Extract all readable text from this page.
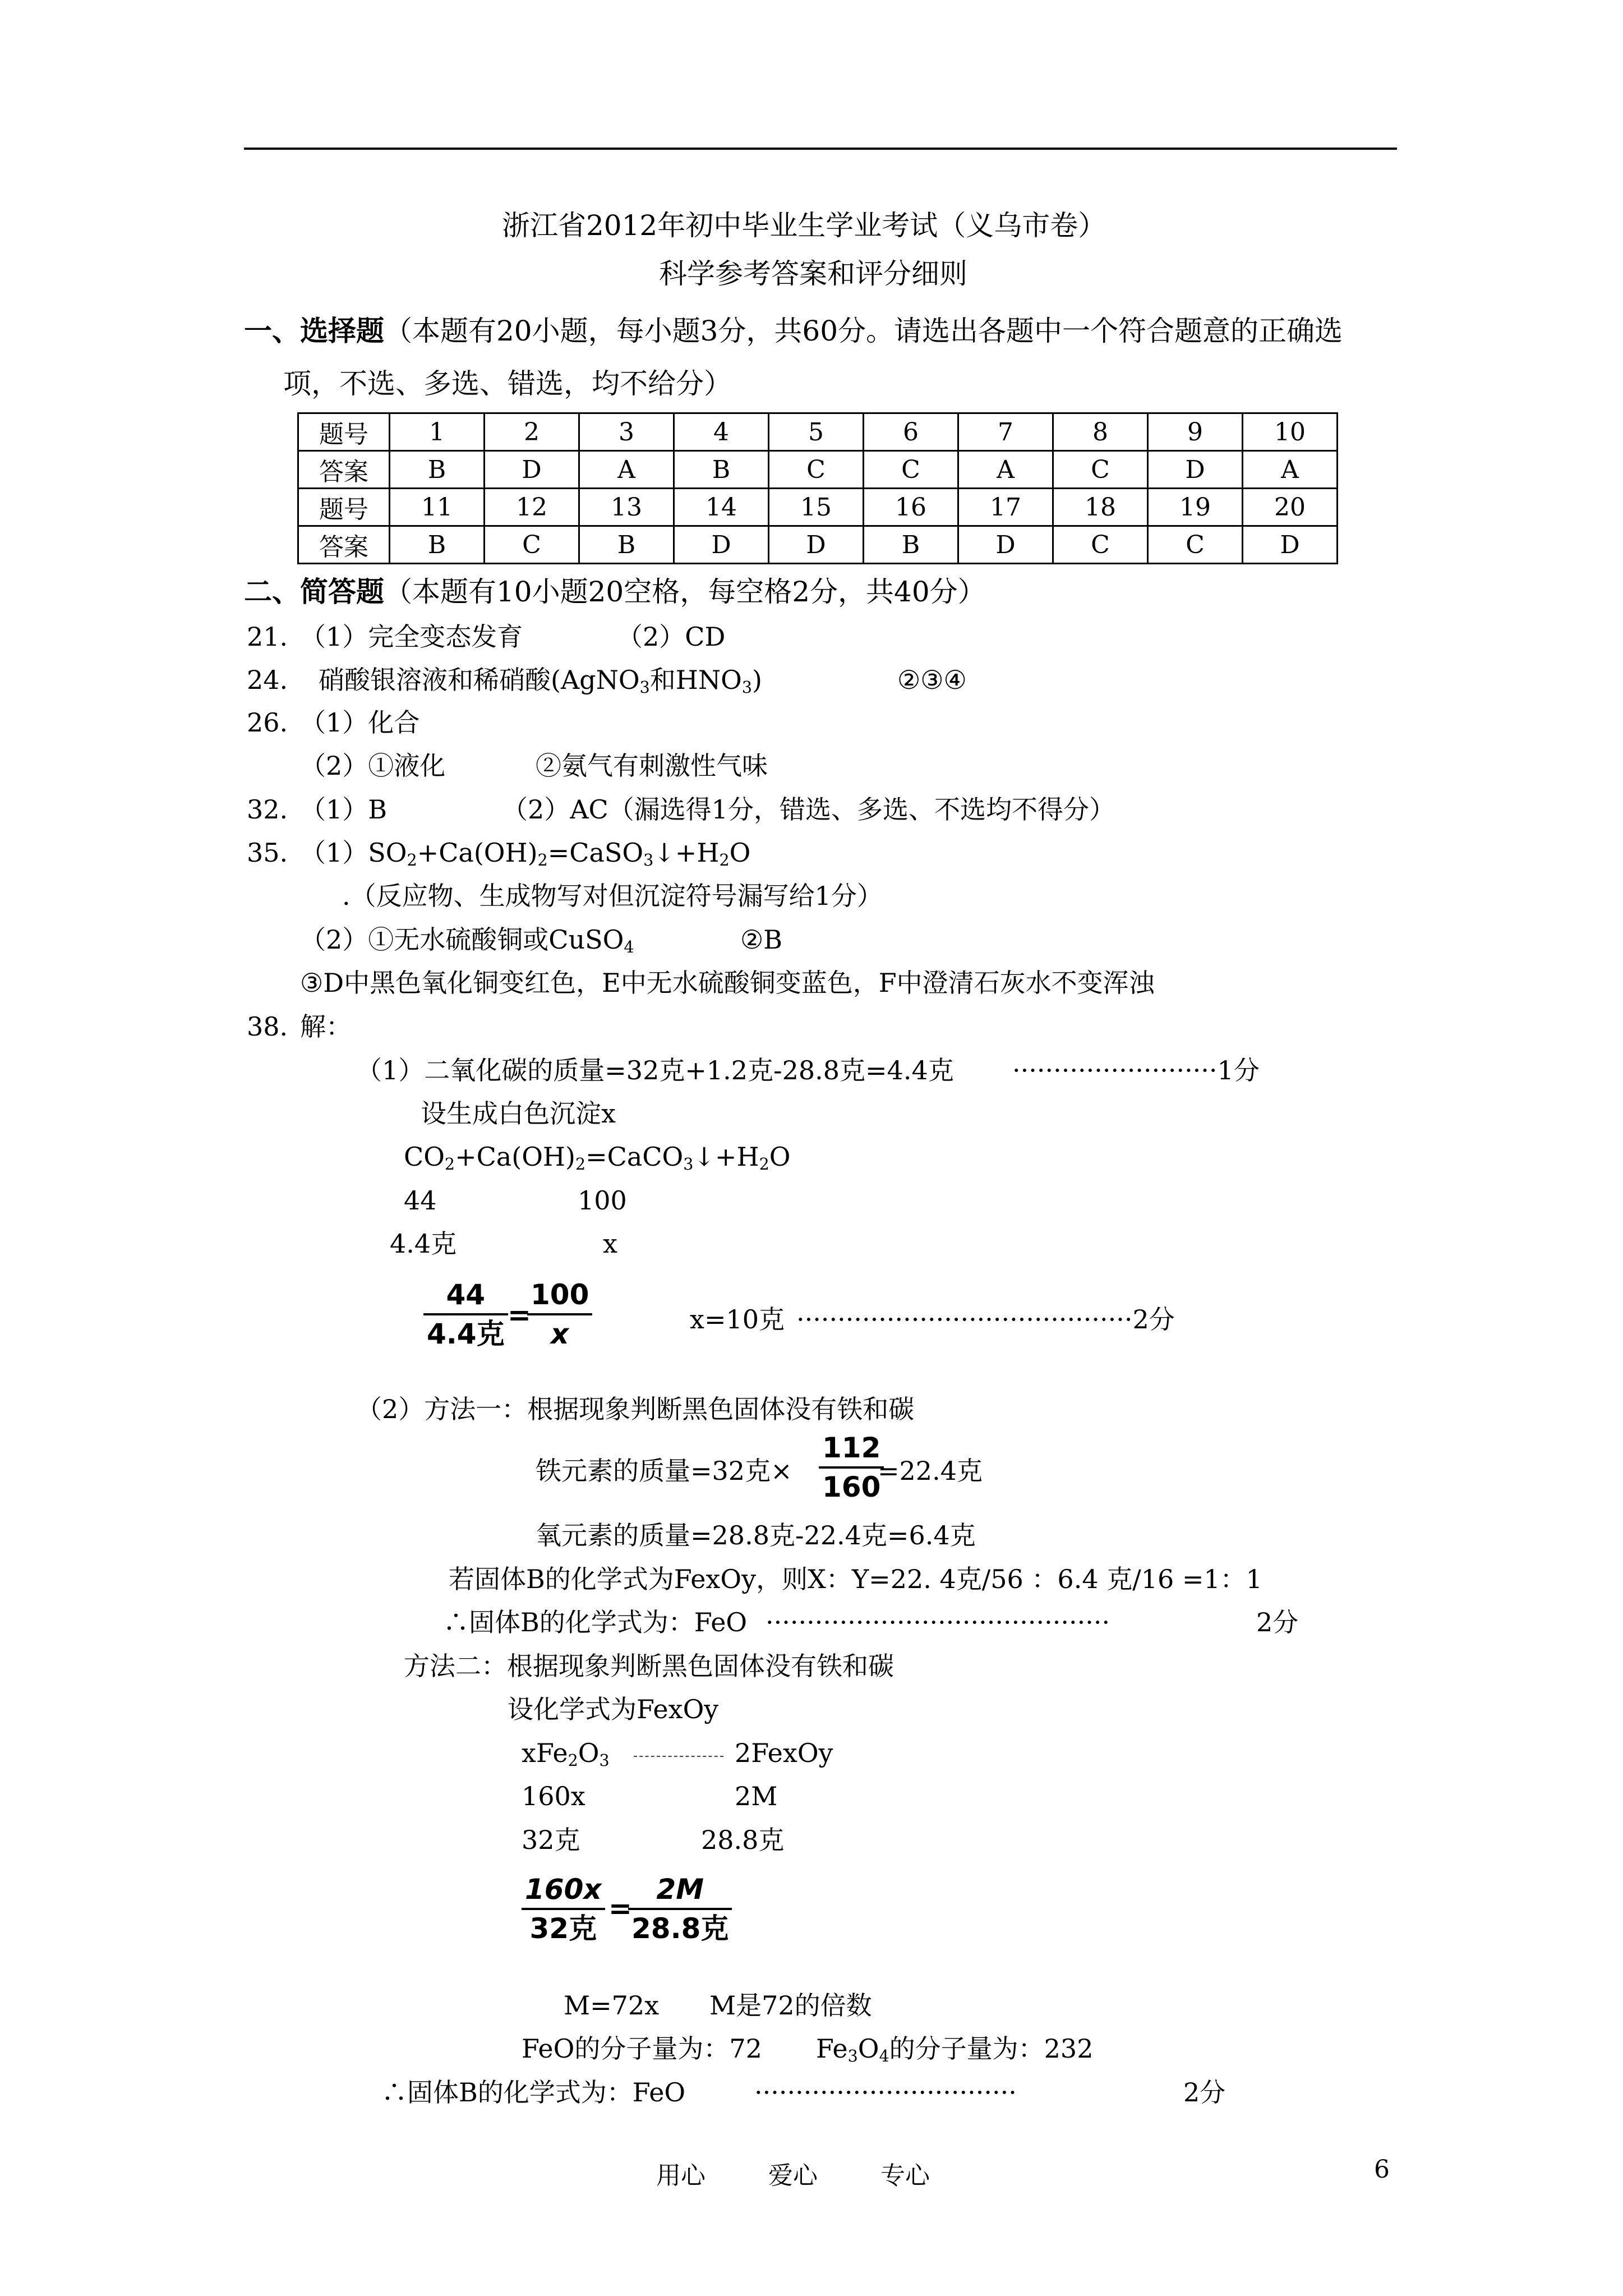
浙江省2012年初中毕业生学业考试（义乌市卷）
科学参考答案和评分细则
一、选择题（本题有20小题，每小题3分，共60分。请选出各题中一个符合题意的正确选
项，不选、多选、错选，均不给分）
题号	1	2	3	4	5	6	7	8	9	10
答案	B	D	A	B	C	C	A	C	D	A
题号	11	12	13	14	15	16	17	18	19	20
答案	B	C	B	D	D	B	D	C	C	D
二、简答题（本题有10小题20空格，每空格2分，共40分）
21. （1）完全变态发育	（2）CD
24. 硝酸银溶液和稀硝酸(AgNO$_3$和$HNO_3$)	②③④
26. （1）化合
（2）①液化	②氨气有刺激性气味
32. （1）B	（2）AC（漏选得1分，错选、多选、不选均不得分）
35. $(1)SO_2+Ca(OH)_2=CaSO_3↓+H_2O$
.（反应物、生成物写对但沉淀符号漏写给1分）
（2）①无水硫酸铜或CuSO$_4$	②B
③D中黑色氧化铜变红色，E中无水硫酸铜变蓝色，F中澄清石灰水不变浑浊
38. 解：
（1）二氧化碳的质量=32克+1.2克-28.8克=4.4克 ·························1分
设生成白色沉淀x
$CO_2+Ca(OH)_2=CaCO_3↓+H_2O$
44	100
4.4克	x
44
4.4克
=
100
x	x=10克 ·········································2分
（2）方法一：根据现象判断黑色固体没有铁和碳
铁元素的质量=32克×
112
160
=22.4克
氧元素的质量=28.8克-22.4克=6.4克
若固体B的化学式为FexOy，则X：Y=22. 4克/56 ：6.4 克/16 =1：1
∴固体B的化学式为：FeO ··········································	2分
方法二：根据现象判断黑色固体没有铁和碳
设化学式为FexOy
$xFe_2O_3$	2FexOy
160x	2M
32克	28.8克
160x
32克
=
2M
28.8克
M=72x M是72的倍数
FeO的分子量为：72 $Fe_3O_4$的分子量为：232
∴固体B的化学式为：FeO	································	2分
用心	爱心	专心	6
